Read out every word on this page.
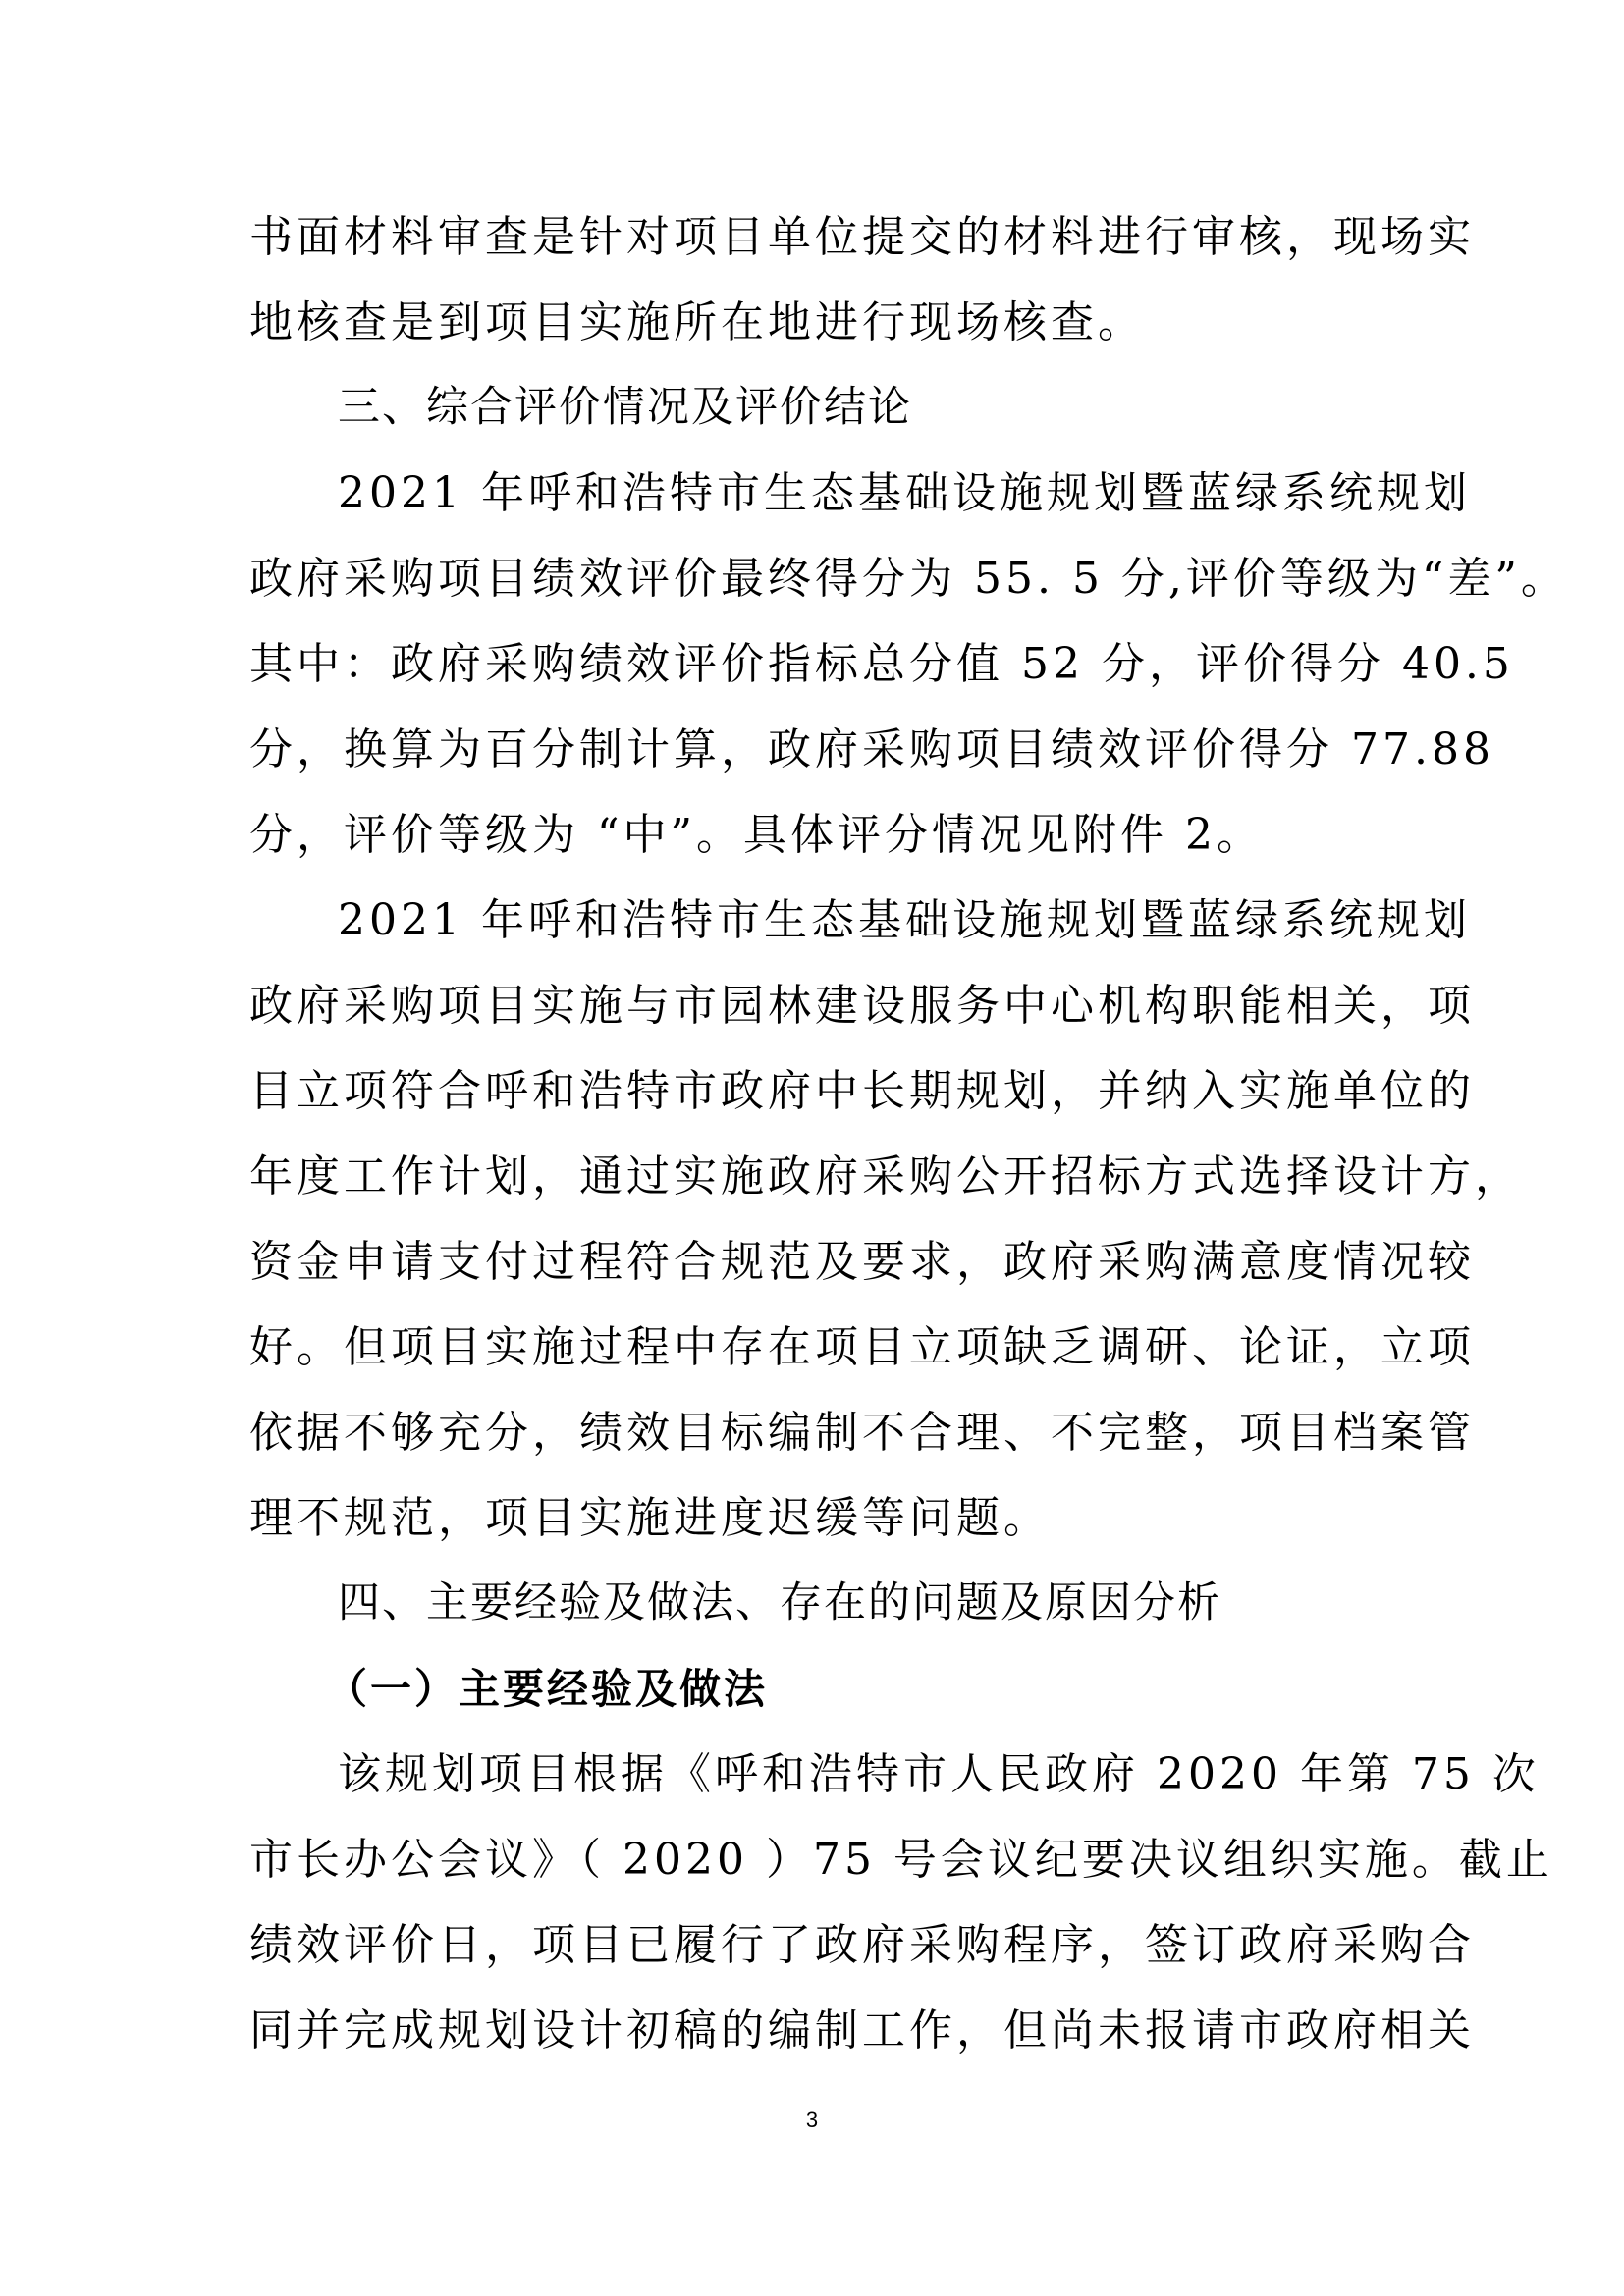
书面材料审查是针对项目单位提交的材料进行审核，现场实
地核查是到项目实施所在地进行现场核查。
三、综合评价情况及评价结论
2021 年呼和浩特市生态基础设施规划暨蓝绿系统规划
政府采购项目绩效评价最终得分为 55. 5 分,评价等级为“差”。
其中：政府采购绩效评价指标总分值 52 分，评价得分 40.5
分，换算为百分制计算，政府采购项目绩效评价得分 77.88
分，评价等级为 “中”。具体评分情况见附件 2。
2021 年呼和浩特市生态基础设施规划暨蓝绿系统规划
政府采购项目实施与市园林建设服务中心机构职能相关，项
目立项符合呼和浩特市政府中长期规划，并纳入实施单位的
年度工作计划，通过实施政府采购公开招标方式选择设计方，
资金申请支付过程符合规范及要求，政府采购满意度情况较
好。但项目实施过程中存在项目立项缺乏调研、论证，立项
依据不够充分，绩效目标编制不合理、不完整，项目档案管
理不规范，项目实施进度迟缓等问题。
四、主要经验及做法、存在的问题及原因分析
（一）主要经验及做法
该规划项目根据《呼和浩特市人民政府 2020 年第 75 次
市长办公会议》（ 2020 ）75 号会议纪要决议组织实施。截止
绩效评价日，项目已履行了政府采购程序，签订政府采购合
同并完成规划设计初稿的编制工作，但尚未报请市政府相关
3
